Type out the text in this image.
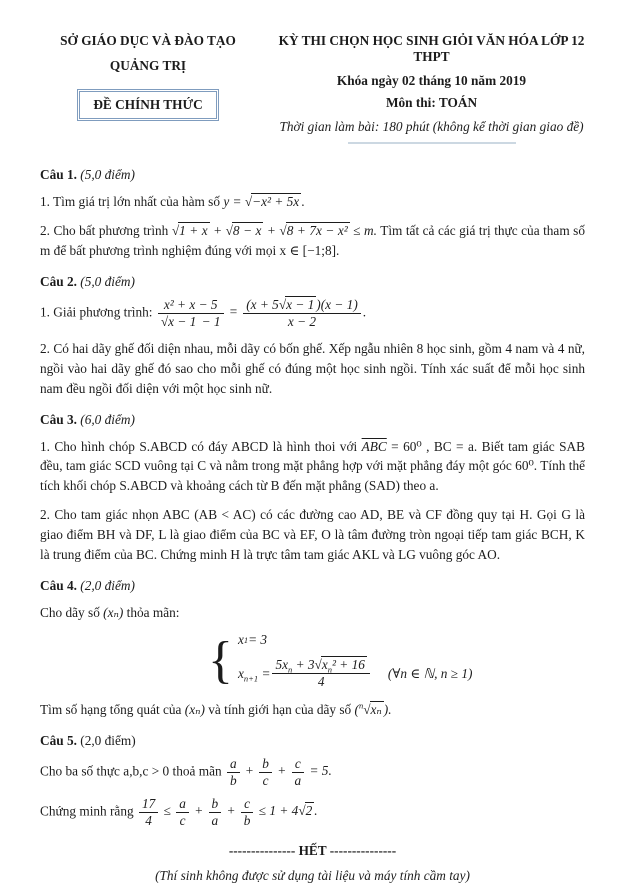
SỞ GIÁO DỤC VÀ ĐÀO TẠO
QUẢNG TRỊ
ĐỀ CHÍNH THỨC
KỲ THI CHỌN HỌC SINH GIỎI VĂN HÓA LỚP 12 THPT
Khóa ngày 02 tháng 10 năm 2019
Môn thi: TOÁN
Thời gian làm bài: 180 phút (không kể thời gian giao đề)
Câu 1. (5,0 điểm)

1. Tìm giá trị lớn nhất của hàm số y = √ −x² + 5x .

2. Cho bất phương trình √ 1 + x + √ 8 − x + √ 8 + 7x − x² ≤ m. Tìm tất cả các giá trị thực của tham số m để bất phương trình nghiệm đúng với mọi x ∈ [−1;8].

Câu 2. (5,0 điểm)

1. Giải phương trình: x² + x − 5
√ $x - 1 - 1 = \frac{(x + 5 √ x - 1 )(x - 1)}{x - 2}$ .

2. Có hai dãy ghế đối diện nhau, mỗi dãy có bốn ghế. Xếp ngẫu nhiên 8 học sinh, gồm 4 nam và 4 nữ, ngồi vào hai dãy ghế đó sao cho mỗi ghế có đúng một học sinh ngồi. Tính xác suất để mỗi học sinh nam đều ngồi đối diện với một học sinh nữ.

Câu 3. (6,0 điểm)

1. Cho hình chóp S.ABCD có đáy ABCD là hình thoi với $\overline{ABC} = 60^0$ , BC = a. Biết tam giác SAB đều, tam giác SCD vuông tại C và nằm trong mặt phẳng hợp với mặt phẳng đáy một góc 60⁰. Tính thể tích khối chóp S.ABCD và khoảng cách từ B đến mặt phẳng (SAD) theo a.

2. Cho tam giác nhọn ABC (AB < AC) có các đường cao AD, BE và CF đồng quy tại H. Gọi G là giao điểm BH và DF, L là giao điểm của BC và EF, O là tâm đường tròn ngoại tiếp tam giác BCH, K là trung điểm của BC. Chứng minh H là trực tâm tam giác AKL và LG vuông góc AO.

Câu 4. (2,0 điểm)

Cho dãy số (xₙ) thỏa mãn:

{
x 1 = 3
$x_{n+1} = \frac{5x_n + 3 √ x_n^2 + 16}{4}$ (∀n ∈ ℕ, n ≥ 1)

Tìm số hạng tổng quát của (xₙ) và tính giới hạn của dãy số ($^n$ √ xₙ ).

Câu 5. (2,0 điểm)

Cho ba số thực a,b,c > 0 thoả mãn $\frac{a}{b} + \frac{b}{c} + \frac{c}{a} = 5$.

Chứng minh rằng $\frac{17}{4} \le \frac{a}{c} + \frac{b}{a} + \frac{c}{b} \le 1 + 4$ √ 2 .

--------------- HẾT ---------------

(Thí sinh không được sử dụng tài liệu và máy tính cầm tay)
